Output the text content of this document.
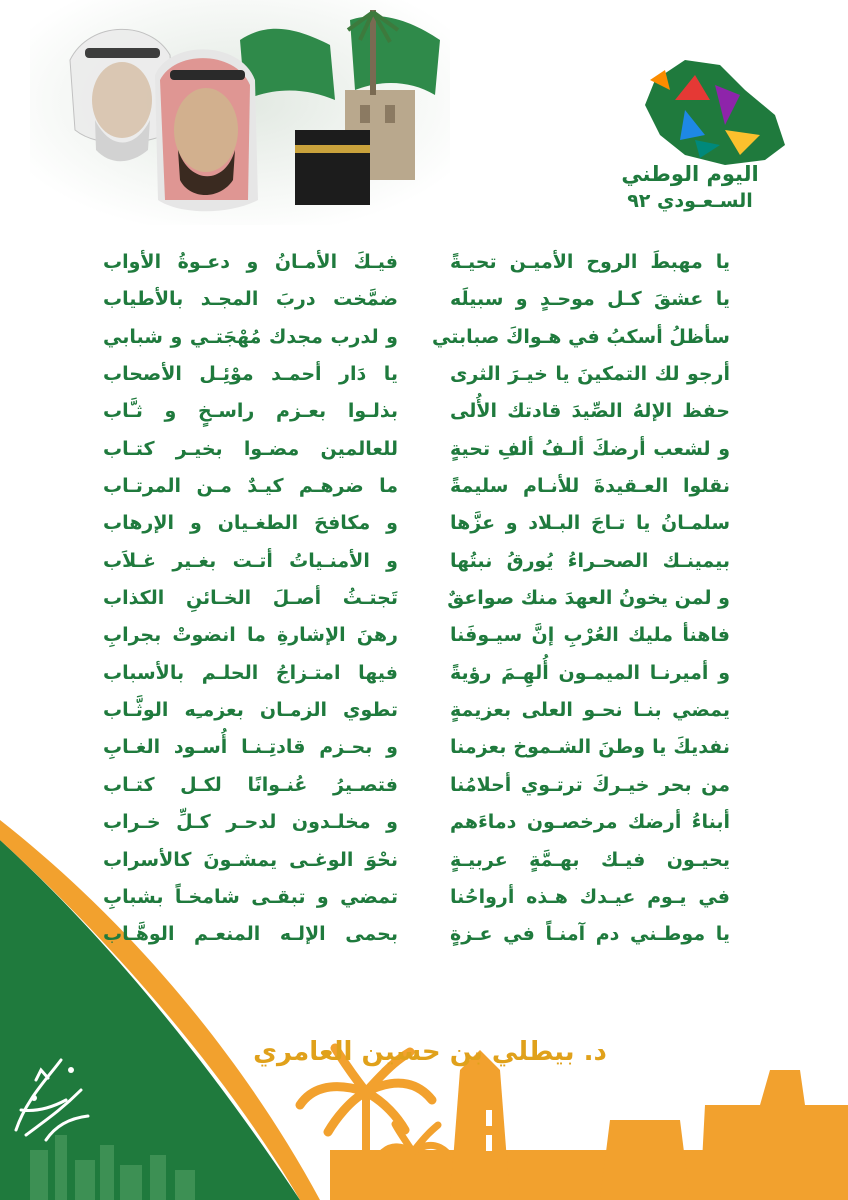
اليوم الوطني
السـعـودي ٩٢
يا مهبطَ الروح الأميـن تحيـةً
يا عشقَ كـل موحـدٍ و سبيلَه
سأظلُ أسكبُ في هـواكَ صبابتي
أرجو لك التمكينَ يا خيـرَ الثرى
حفظ الإلهُ الصِّيدَ قادتك الأُلى
و لشعب أرضكَ ألـفُ ألفِ تحيةٍ
نقلوا العـقيدةَ للأنـام سليمةً
سلمـانُ يا تـاجَ البـلاد و عزَّها
بيمينـك الصحـراءُ يُورقُ نبتُها
و لمن يخونُ العهدَ منك صواعقٌ
فاهنأ مليك العُرْبِ إنَّ سيـوفَنا
و أميرنـا الميمـون أُلهِـمَ رؤيةً
يمضي بنـا نحـو العلى بعزيمةٍ
نفديكَ يا وطنَ الشـموخ بعزمنا
من بحر خيـركَ ترتـوي أحلامُنا
أبناءُ أرضك مرخصـون دماءَهم
يحيـون فيـك بهـمَّةٍ عربيـةٍ
في يـوم عيـدك هـذه أرواحُنا
يا موطـني دم آمنـاً في عـزةٍ
فيـكَ الأمـانُ و دعـوةُ الأواب
ضمَّخت دربَ المجـد بالأطياب
و لدرب مجدك مُهْجَتـي و شبابي
يا دَار أحمـد موْئِـل الأصحاب
بذلـوا بعـزم راسـخٍ و ثـَّاب
للعالمين مضـوا بخيـر كتـاب
ما ضرهـم كيـدٌ مـن المرتـاب
و مكافحَ الطغـيان و الإرهاب
و الأمنـياتُ أتـت بغـير غـلاَب
تَجتـثُ أصـلَ الخـائنِ الكذاب
رهنَ الإشارةِ ما انضوتْ بجرابِ
فيها امتـزاجُ الحلـم بالأسباب
تطوي الزمـان بعزمـِه الوثَّـاب
و بحـزم قادتِـنـا أُسـود الغـابِ
فتصـيرُ عُنـوانًا لكـل كتـاب
و مخلـدون لدحـر كـلِّ خـراب
نحْوَ الوغـى يمشـونَ كالأسراب
تمضي و تبقـى شامخـاً بشبابِ
بحمى الإلـه المنعـم الوهَّـاب
د. بيطلي بن حسين العامري
